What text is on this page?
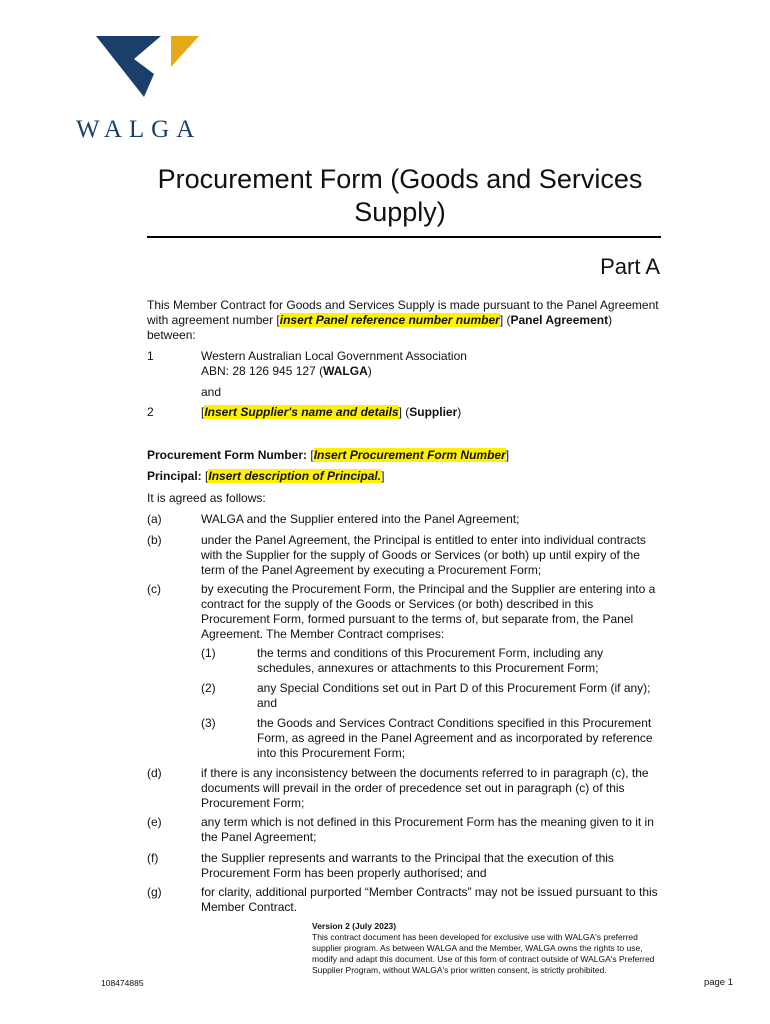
WALGA
Procurement Form (Goods and Services Supply)
Part A
This Member Contract for Goods and Services Supply is made pursuant to the Panel Agreement with agreement number [insert Panel reference number number] (Panel Agreement) between:
1	Western Australian Local Government Association
ABN: 28 126 945 127 (WALGA)
and
2	[Insert Supplier's name and details] (Supplier)
Procurement Form Number: [Insert Procurement Form Number]
Principal: [Insert description of Principal.]
It is agreed as follows:
(a)	WALGA and the Supplier entered into the Panel Agreement;
(b)	under the Panel Agreement, the Principal is entitled to enter into individual contracts with the Supplier for the supply of Goods or Services (or both) up until expiry of the term of the Panel Agreement by executing a Procurement Form;
(c)	by executing the Procurement Form, the Principal and the Supplier are entering into a contract for the supply of the Goods or Services (or both) described in this Procurement Form, formed pursuant to the terms of, but separate from, the Panel Agreement. The Member Contract comprises:
(1)	the terms and conditions of this Procurement Form, including any schedules, annexures or attachments to this Procurement Form;
(2)	any Special Conditions set out in Part D of this Procurement Form (if any); and
(3)	the Goods and Services Contract Conditions specified in this Procurement Form, as agreed in the Panel Agreement and as incorporated by reference into this Procurement Form;
(d)	if there is any inconsistency between the documents referred to in paragraph (c), the documents will prevail in the order of precedence set out in paragraph (c) of this Procurement Form;
(e)	any term which is not defined in this Procurement Form has the meaning given to it in the Panel Agreement;
(f)	the Supplier represents and warrants to the Principal that the execution of this Procurement Form has been properly authorised; and
(g)	for clarity, additional purported “Member Contracts” may not be issued pursuant to this Member Contract.
Version 2 (July 2023)
This contract document has been developed for exclusive use with WALGA's preferred supplier program. As between WALGA and the Member, WALGA owns the rights to use, modify and adapt this document. Use of this form of contract outside of WALGA's Preferred Supplier Program, without WALGA's prior written consent, is strictly prohibited.
108474885	page 1
